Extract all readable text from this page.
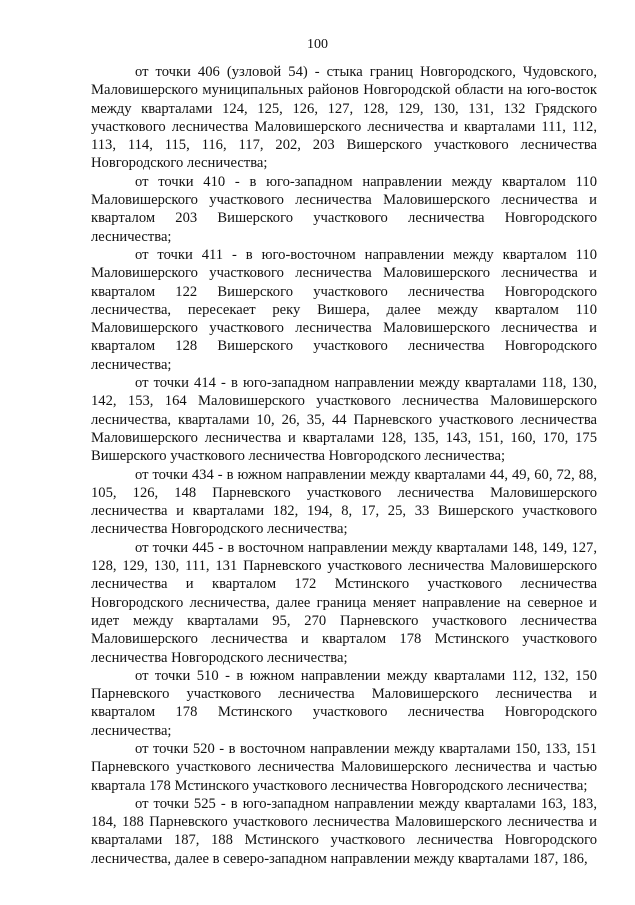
100

от точки 406 (узловой 54) - стыка границ Новгородского, Чудовского, Маловишерского муниципальных районов Новгородской области на юго-восток между кварталами 124, 125, 126, 127, 128, 129, 130, 131, 132 Грядского участкового лесничества Маловишерского лесничества и кварталами 111, 112, 113, 114, 115, 116, 117, 202, 203 Вишерского участкового лесничества Новгородского лесничества;

от точки 410 - в юго-западном направлении между кварталом 110 Маловишерского участкового лесничества Маловишерского лесничества и кварталом 203 Вишерского участкового лесничества Новгородского лесничества;

от точки 411 - в юго-восточном направлении между кварталом 110 Маловишерского участкового лесничества Маловишерского лесничества и кварталом 122 Вишерского участкового лесничества Новгородского лесничества, пересекает реку Вишера, далее между кварталом 110 Маловишерского участкового лесничества Маловишерского лесничества и кварталом 128 Вишерского участкового лесничества Новгородского лесничества;

от точки 414 - в юго-западном направлении между кварталами 118, 130, 142, 153, 164 Маловишерского участкового лесничества Маловишерского лесничества, кварталами 10, 26, 35, 44 Парневского участкового лесничества Маловишерского лесничества и кварталами 128, 135, 143, 151, 160, 170, 175 Вишерского участкового лесничества Новгородского лесничества;

от точки 434 - в южном направлении между кварталами 44, 49, 60, 72, 88, 105, 126, 148 Парневского участкового лесничества Маловишерского лесничества и кварталами 182, 194, 8, 17, 25, 33 Вишерского участкового лесничества Новгородского лесничества;

от точки 445 - в восточном направлении между кварталами 148, 149, 127, 128, 129, 130, 111, 131 Парневского участкового лесничества Маловишерского лесничества и кварталом 172 Мстинского участкового лесничества Новгородского лесничества, далее граница меняет направление на северное и идет между кварталами 95, 270 Парневского участкового лесничества Маловишерского лесничества и кварталом 178 Мстинского участкового лесничества Новгородского лесничества;

от точки 510 - в южном направлении между кварталами 112, 132, 150 Парневского участкового лесничества Маловишерского лесничества и кварталом 178 Мстинского участкового лесничества Новгородского лесничества;

от точки 520 - в восточном направлении между кварталами 150, 133, 151 Парневского участкового лесничества Маловишерского лесничества и частью квартала 178 Мстинского участкового лесничества Новгородского лесничества;

от точки 525 - в юго-западном направлении между кварталами 163, 183, 184, 188 Парневского участкового лесничества Маловишерского лесничества и кварталами 187, 188 Мстинского участкового лесничества Новгородского лесничества, далее в северо-западном направлении между кварталами 187, 186,
